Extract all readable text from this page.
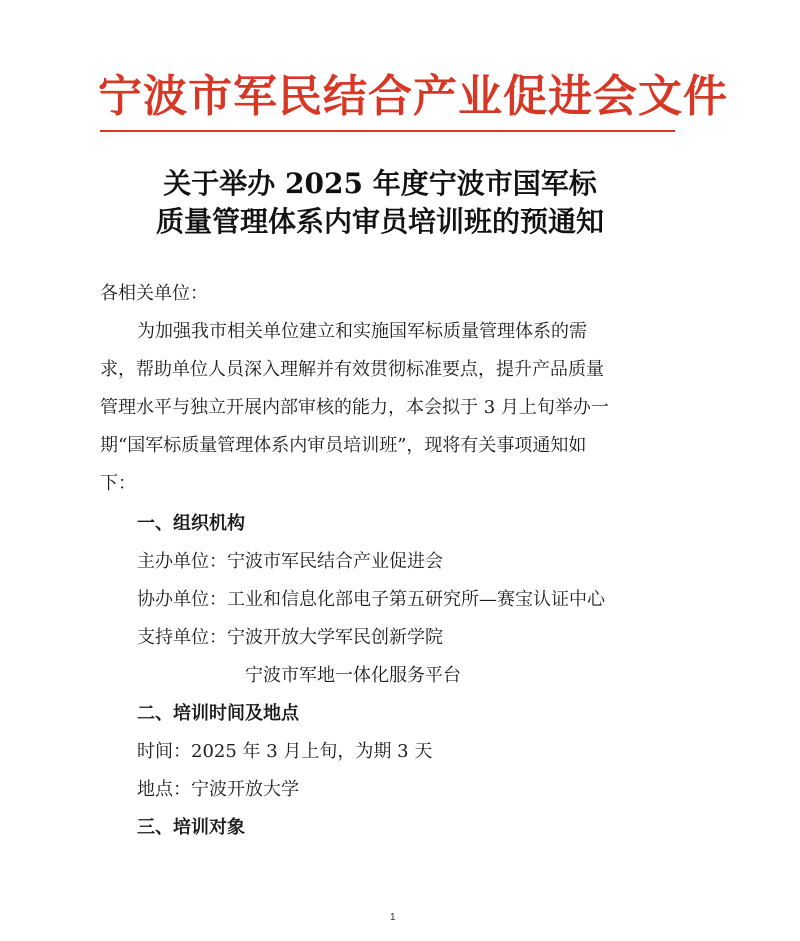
宁波市军民结合产业促进会文件
关于举办 2025 年度宁波市国军标
质量管理体系内审员培训班的预通知
各相关单位：
为加强我市相关单位建立和实施国军标质量管理体系的需
求，帮助单位人员深入理解并有效贯彻标准要点，提升产品质量
管理水平与独立开展内部审核的能力，本会拟于 3 月上旬举办一
期“国军标质量管理体系内审员培训班”，现将有关事项通知如
下：
一、组织机构
主办单位：宁波市军民结合产业促进会
协办单位：工业和信息化部电子第五研究所—赛宝认证中心
支持单位：宁波开放大学军民创新学院
宁波市军地一体化服务平台
二、培训时间及地点
时间：2025 年 3 月上旬，为期 3 天
地点：宁波开放大学
三、培训对象
1
